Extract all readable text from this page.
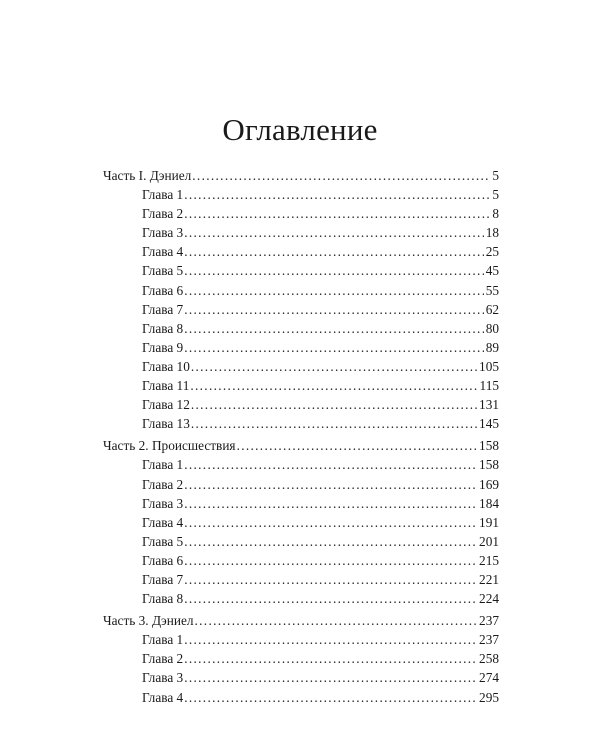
Оглавление
Часть I. Дэниел . . .	5
Глава 1 . . .	5
Глава 2 . . .	8
Глава 3 . . .	18
Глава 4 . . .	25
Глава 5 . . .	45
Глава 6 . . .	55
Глава 7 . . .	62
Глава 8 . . .	80
Глава 9 . . .	89
Глава 10 . . .	105
Глава 11 . . .	115
Глава 12 . . .	131
Глава 13 . . .	145
Часть 2. Происшествия . . .	158
Глава 1 . . .	158
Глава 2 . . .	169
Глава 3 . . .	184
Глава 4 . . .	191
Глава 5 . . .	201
Глава 6 . . .	215
Глава 7 . . .	221
Глава 8 . . .	224
Часть 3. Дэниел . . .	237
Глава 1 . . .	237
Глава 2 . . .	258
Глава 3 . . .	274
Глава 4 . . .	295
